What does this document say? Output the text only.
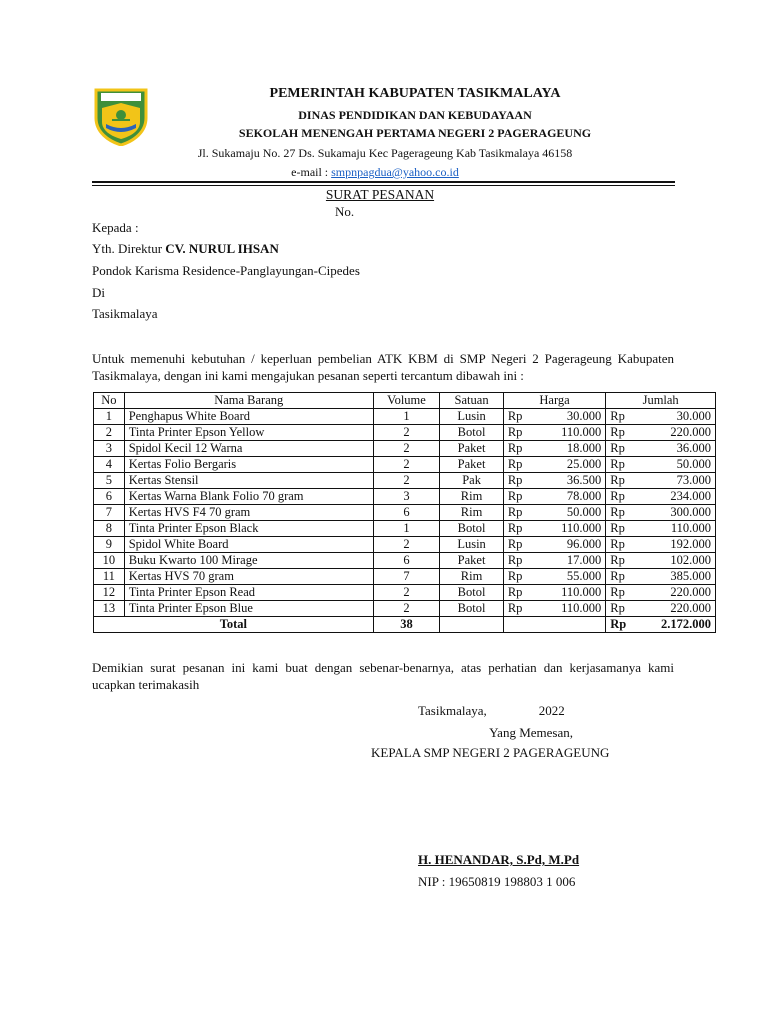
PEMERINTAH KABUPATEN TASIKMALAYA
DINAS PENDIDIKAN DAN KEBUDAYAAN
SEKOLAH MENENGAH PERTAMA NEGERI 2 PAGERAGEUNG
Jl. Sukamaju No. 27 Ds. Sukamaju Kec Pagerageung Kab Tasikmalaya 46158
e-mail : smpnpagdua@yahoo.co.id
SURAT PESANAN
No.
Kepada :
Yth. Direktur CV. NURUL IHSAN
Pondok Karisma Residence-Panglayungan-Cipedes
Di
Tasikmalaya
Untuk memenuhi kebutuhan / keperluan pembelian ATK KBM di SMP Negeri 2 Pagerageung Kabupaten Tasikmalaya, dengan ini kami mengajukan pesanan seperti tercantum dibawah ini :
No	Nama Barang	Volume	Satuan	Harga		Jumlah	
1	Penghapus White Board	1	Lusin	Rp	30.000	Rp	30.000
2	Tinta Printer Epson Yellow	2	Botol	Rp	110.000	Rp	220.000
3	Spidol Kecil 12 Warna	2	Paket	Rp	18.000	Rp	36.000
4	Kertas Folio Bergaris	2	Paket	Rp	25.000	Rp	50.000
5	Kertas Stensil	2	Pak	Rp	36.500	Rp	73.000
6	Kertas Warna Blank Folio 70 gram	3	Rim	Rp	78.000	Rp	234.000
7	Kertas HVS F4 70 gram	6	Rim	Rp	50.000	Rp	300.000
8	Tinta Printer Epson Black	1	Botol	Rp	110.000	Rp	110.000
9	Spidol White Board	2	Lusin	Rp	96.000	Rp	192.000
10	Buku Kwarto 100 Mirage	6	Paket	Rp	17.000	Rp	102.000
11	Kertas HVS 70 gram	7	Rim	Rp	55.000	Rp	385.000
12	Tinta Printer Epson Read	2	Botol	Rp	110.000	Rp	220.000
13	Tinta Printer Epson Blue	2	Botol	Rp	110.000	Rp	220.000
Total		38				Rp	2.172.000
Demikian surat pesanan ini kami buat dengan sebenar-benarnya, atas perhatian dan kerjasamanya kami ucapkan terimakasih
Tasikmalaya,                2022
Yang Memesan,
KEPALA SMP NEGERI 2 PAGERAGEUNG
H. HENANDAR, S.Pd, M.Pd
NIP : 19650819 198803 1 006
